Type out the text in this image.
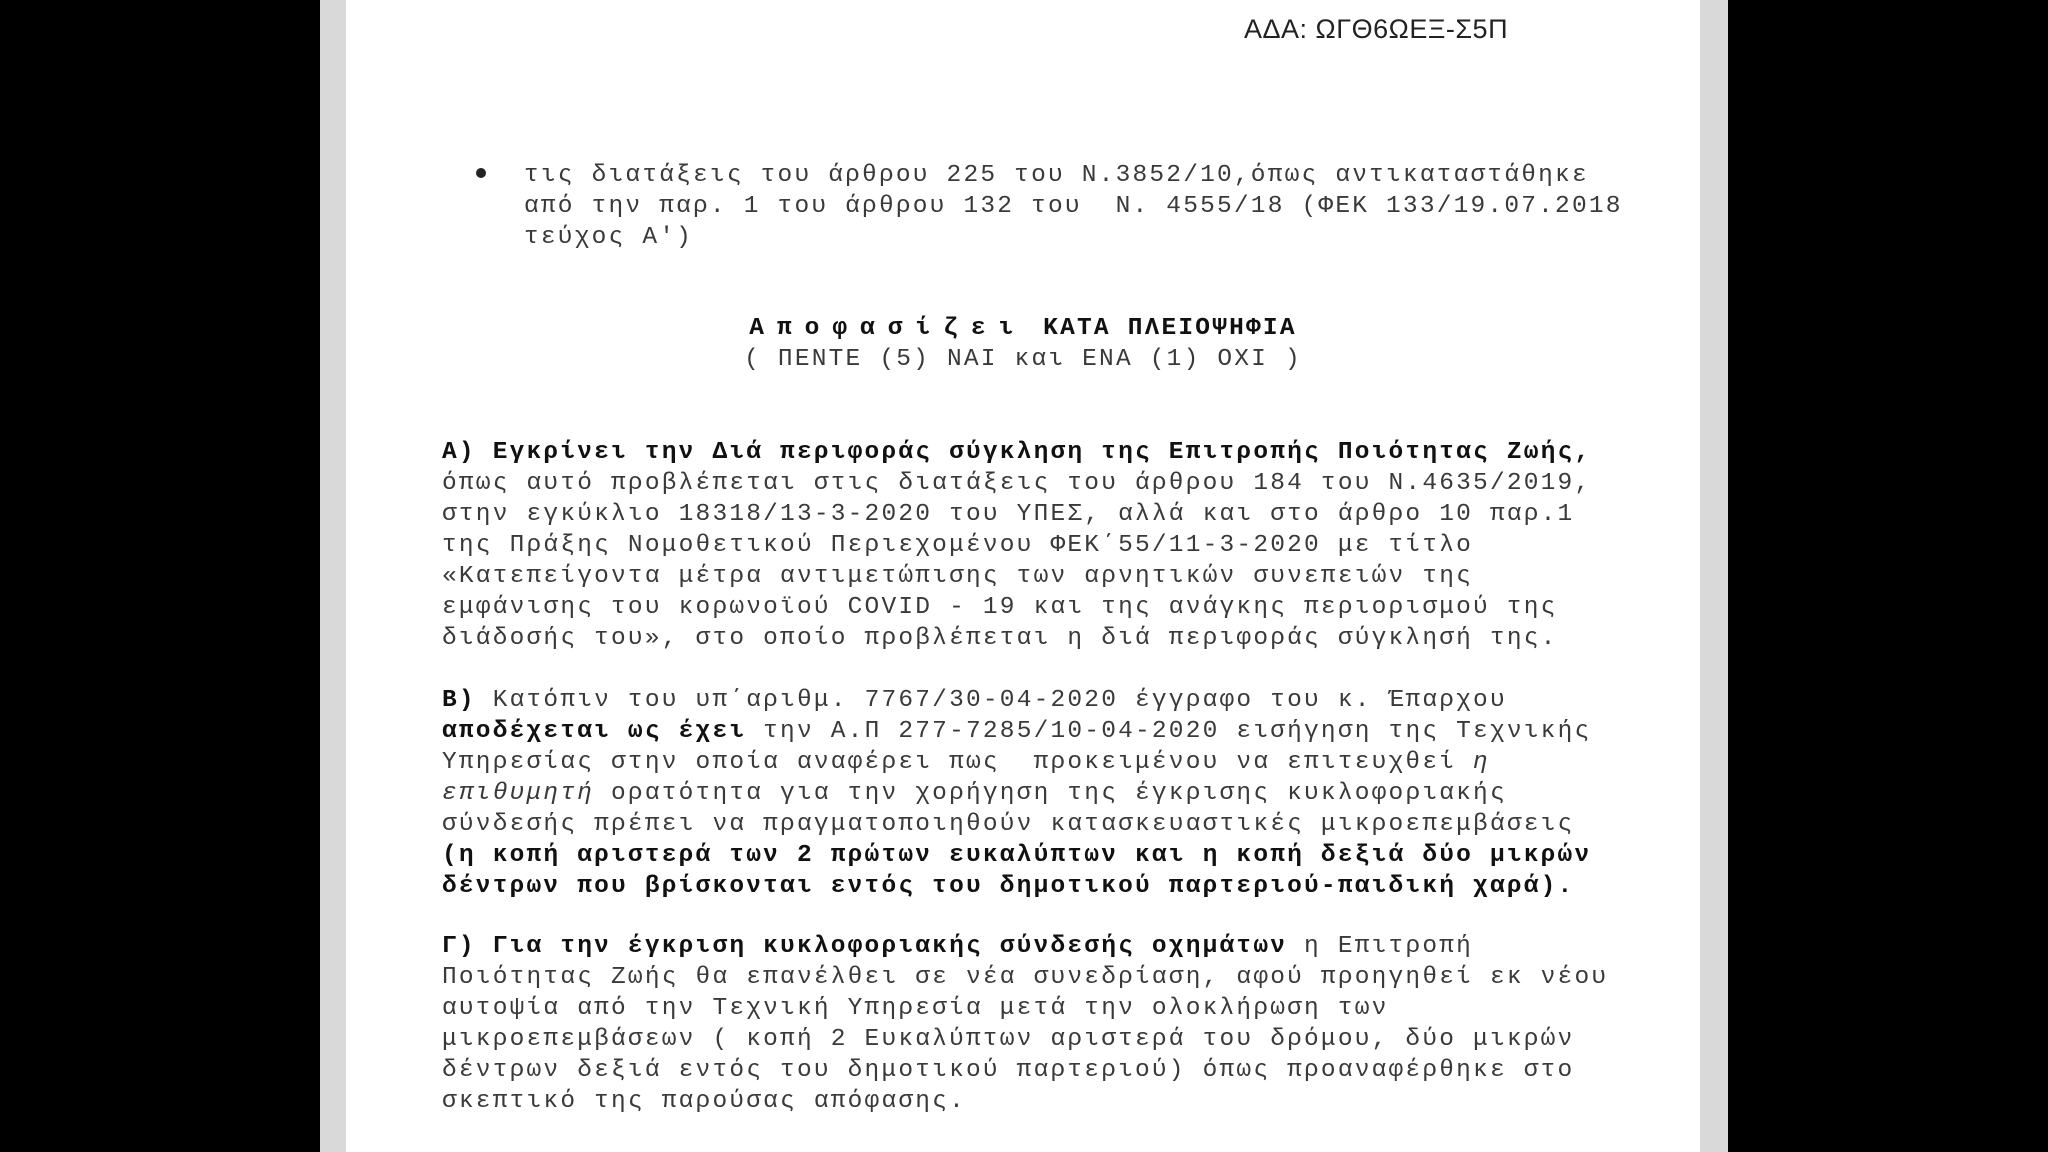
ΑΔΑ: ΩΓΘ6ΩΕΞ-Σ5Π
τις διατάξεις του άρθρου 225 του Ν.3852/10,όπως αντικαταστάθηκε
από την παρ. 1 του άρθρου 132 του  Ν. 4555/18 (ΦΕΚ 133/19.07.2018
τεύχος Α')
Αποφασίζει ΚΑΤΑ ΠΛΕΙΟΨΗΦΙΑ
( ΠΕΝΤΕ (5) ΝΑΙ και ΕΝΑ (1) ΟΧΙ )
Α) Εγκρίνει την Διά περιφοράς σύγκληση της Επιτροπής Ποιότητας Ζωής,
όπως αυτό προβλέπεται στις διατάξεις του άρθρου 184 του Ν.4635/2019,
στην εγκύκλιο 18318/13-3-2020 του ΥΠΕΣ, αλλά και στο άρθρο 10 παρ.1
της Πράξης Νομοθετικού Περιεχομένου ΦΕΚ΄55/11-3-2020 με τίτλο
«Κατεπείγοντα μέτρα αντιμετώπισης των αρνητικών συνεπειών της
εμφάνισης του κορωνοϊού COVID - 19 και της ανάγκης περιορισμού της
διάδοσής του», στο οποίο προβλέπεται η διά περιφοράς σύγκλησή της.
Β) Κατόπιν του υπ΄αριθμ. 7767/30-04-2020 έγγραφο του κ. Έπαρχου
αποδέχεται ως έχει την Α.Π 277-7285/10-04-2020 εισήγηση της Τεχνικής
Υπηρεσίας στην οποία αναφέρει πως  προκειμένου να επιτευχθεί η
επιθυμητή ορατότητα για την χορήγηση της έγκρισης κυκλοφοριακής
σύνδεσής πρέπει να πραγματοποιηθούν κατασκευαστικές μικροεπεμβάσεις
(η κοπή αριστερά των 2 πρώτων ευκαλύπτων και η κοπή δεξιά δύο μικρών
δέντρων που βρίσκονται εντός του δημοτικού παρτεριού-παιδική χαρά).
Γ) Για την έγκριση κυκλοφοριακής σύνδεσής οχημάτων η Επιτροπή
Ποιότητας Ζωής θα επανέλθει σε νέα συνεδρίαση, αφού προηγηθεί εκ νέου
αυτοψία από την Τεχνική Υπηρεσία μετά την ολοκλήρωση των
μικροεπεμβάσεων ( κοπή 2 Ευκαλύπτων αριστερά του δρόμου, δύο μικρών
δέντρων δεξιά εντός του δημοτικού παρτεριού) όπως προαναφέρθηκε στο
σκεπτικό της παρούσας απόφασης.
